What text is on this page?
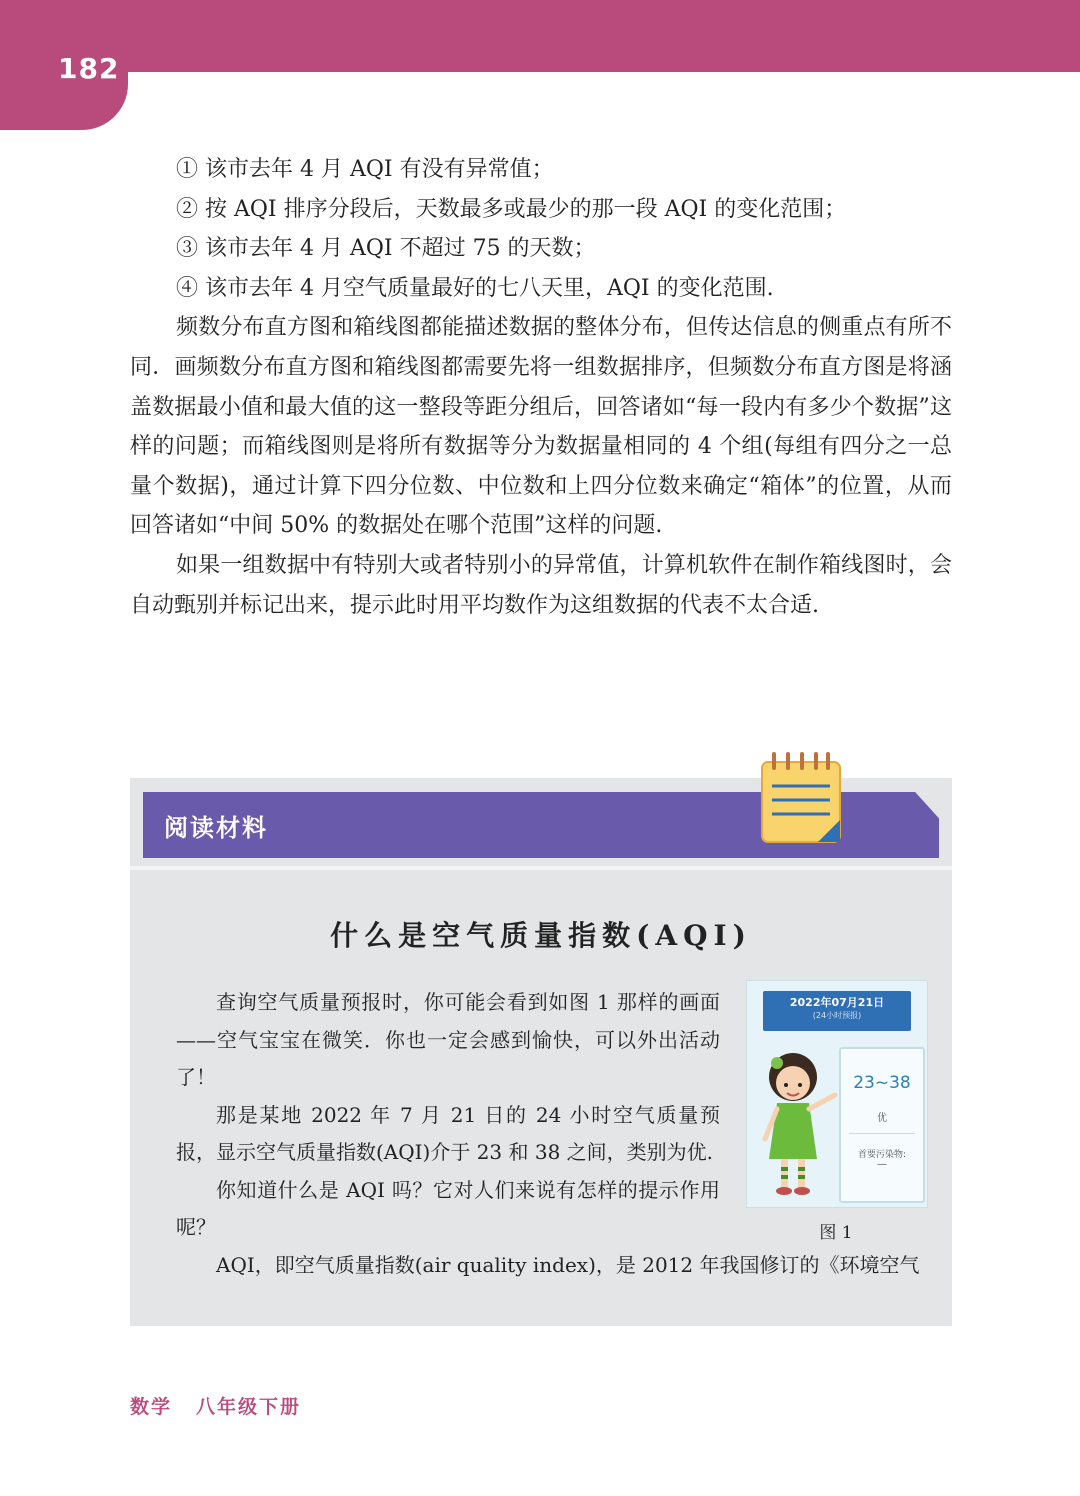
182

① 该市去年 4 月 AQI 有没有异常值；

② 按 AQI 排序分段后，天数最多或最少的那一段 AQI 的变化范围；

③ 该市去年 4 月 AQI 不超过 75 的天数；

④ 该市去年 4 月空气质量最好的七八天里，AQI 的变化范围.

频数分布直方图和箱线图都能描述数据的整体分布，但传达信息的侧重点有所不同．画频数分布直方图和箱线图都需要先将一组数据排序，但频数分布直方图是将涵盖数据最小值和最大值的这一整段等距分组后，回答诸如“每一段内有多少个数据”这样的问题；而箱线图则是将所有数据等分为数据量相同的 4 个组(每组有四分之一总量个数据)，通过计算下四分位数、中位数和上四分位数来确定“箱体”的位置，从而回答诸如“中间 50% 的数据处在哪个范围”这样的问题.

如果一组数据中有特别大或者特别小的异常值，计算机软件在制作箱线图时，会自动甄别并标记出来，提示此时用平均数作为这组数据的代表不太合适.

阅读材料
什么是空气质量指数(AQI)

查询空气质量预报时，你可能会看到如图 1 那样的画面——空气宝宝在微笑．你也一定会感到愉快，可以外出活动了！

那是某地 2022 年 7 月 21 日的 24 小时空气质量预报，显示空气质量指数(AQI)介于 23 和 38 之间，类别为优.

你知道什么是 AQI 吗？它对人们来说有怎样的提示作用呢？

AQI，即空气质量指数(air quality index)，是 2012 年我国修订的《环境空气
2022年07月21日
(24小时预报)
23~38
优
首要污染物:
—
图 1
数学 八年级下册
